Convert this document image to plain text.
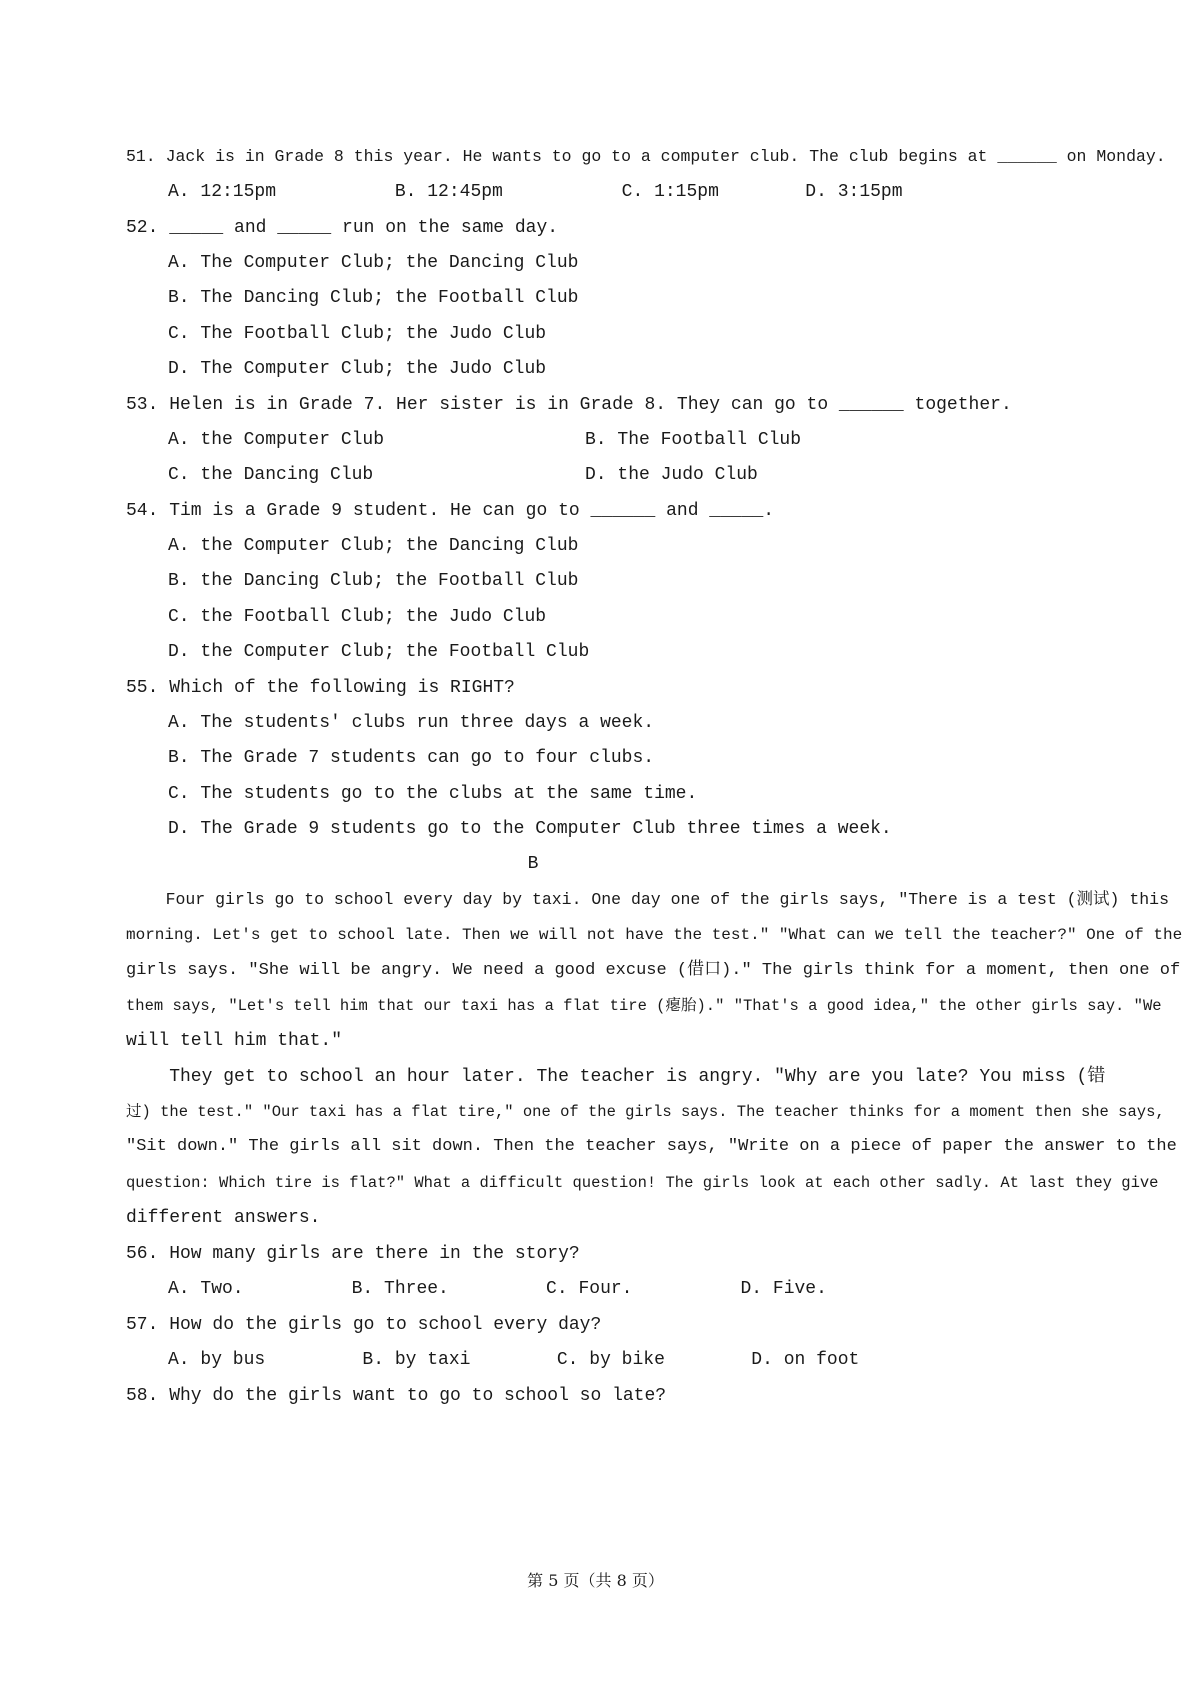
51. Jack is in Grade 8 this year. He wants to go to a computer club. The club begins at ______ on Monday.
A. 12:15pm           B. 12:45pm           C. 1:15pm        D. 3:15pm
52. _____ and _____ run on the same day.
A. The Computer Club; the Dancing Club
B. The Dancing Club; the Football Club
C. The Football Club; the Judo Club
D. The Computer Club; the Judo Club
53. Helen is in Grade 7. Her sister is in Grade 8. They can go to ______ together.
A. the Computer Club	B. The Football Club
C. the Dancing Club	D. the Judo Club
54. Tim is a Grade 9 student. He can go to ______ and _____.
A. the Computer Club; the Dancing Club
B. the Dancing Club; the Football Club
C. the Football Club; the Judo Club
D. the Computer Club; the Football Club
55. Which of the following is RIGHT?
A. The students' clubs run three days a week.
B. The Grade 7 students can go to four clubs.
C. The students go to the clubs at the same time.
D. The Grade 9 students go to the Computer Club three times a week.
B
Four girls go to school every day by taxi. One day one of the girls says, "There is a test (测试) this
morning. Let's get to school late. Then we will not have the test." "What can we tell the teacher?" One of the
girls says. "She will be angry. We need a good excuse (借口)." The girls think for a moment, then one of
them says, "Let's tell him that our taxi has a flat tire (瘪胎)." "That's a good idea," the other girls say. "We
will tell him that."
They get to school an hour later. The teacher is angry. "Why are you late? You miss (错
过) the test." "Our taxi has a flat tire," one of the girls says. The teacher thinks for a moment then she says,
"Sit down." The girls all sit down. Then the teacher says, "Write on a piece of paper the answer to the
question: Which tire is flat?" What a difficult question! The girls look at each other sadly. At last they give
different answers.
56. How many girls are there in the story?
A. Two.          B. Three.         C. Four.          D. Five.
57. How do the girls go to school every day?
A. by bus         B. by taxi        C. by bike        D. on foot
58. Why do the girls want to go to school so late?
第 5 页（共 8 页）
